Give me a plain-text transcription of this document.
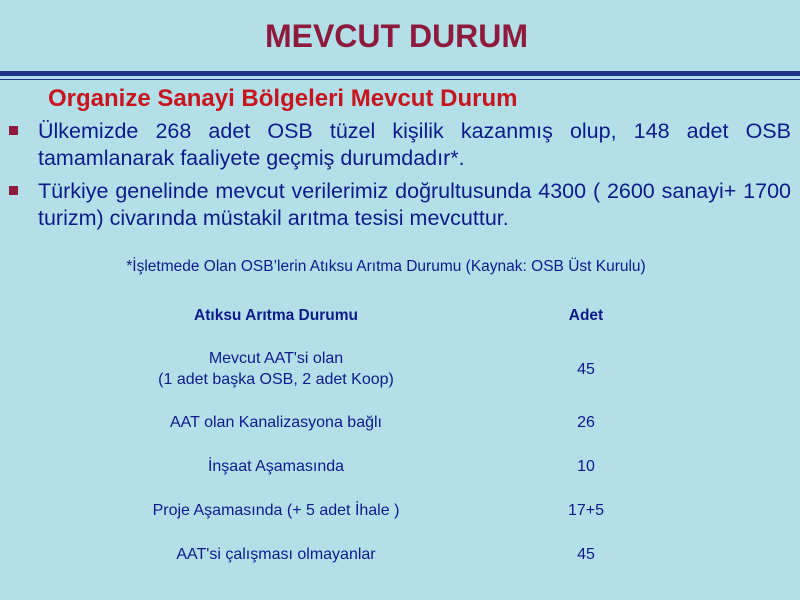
MEVCUT DURUM
Organize Sanayi Bölgeleri Mevcut Durum
Ülkemizde 268 adet OSB tüzel kişilik kazanmış olup, 148 adet OSB tamamlanarak faaliyete geçmiş durumdadır*.
Türkiye genelinde mevcut verilerimiz doğrultusunda 4300 ( 2600 sanayi+ 1700 turizm) civarında müstakil arıtma tesisi mevcuttur.
*İşletmede Olan OSB’lerin Atıksu Arıtma Durumu (Kaynak: OSB Üst Kurulu)
Atıksu Arıtma Durumu	Adet
Mevcut AAT'si olan
(1 adet başka OSB, 2 adet Koop)	45
AAT olan Kanalizasyona bağlı	26
İnşaat Aşamasında	10
Proje Aşamasında (+ 5 adet İhale )	17+5
AAT'si çalışması olmayanlar	45
